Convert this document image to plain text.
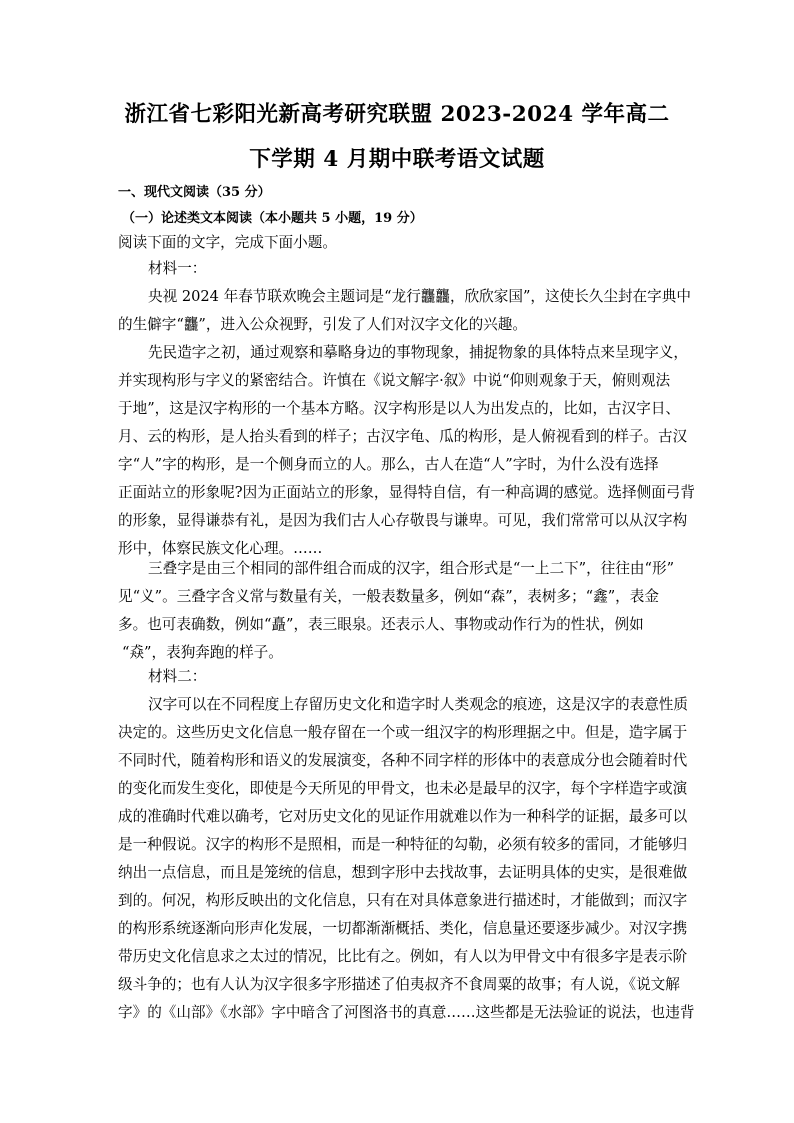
浙江省七彩阳光新高考研究联盟 2023-2024 学年高二
下学期 4 月期中联考语文试题
一、现代文阅读（35 分）
（一）论述类文本阅读（本小题共 5 小题，19 分）
阅读下面的文字，完成下面小题。
材料一：
央视 2024 年春节联欢晚会主题词是“龙行龘龘，欣欣家国”，这使长久尘封在字典中
的生僻字“龘”，进入公众视野，引发了人们对汉字文化的兴趣。
先民造字之初，通过观察和摹略身边的事物现象，捕捉物象的具体特点来呈现字义，
并实现构形与字义的紧密结合。许慎在《说文解字·叙》中说“仰则观象于天，俯则观法
于地”，这是汉字构形的一个基本方略。汉字构形是以人为出发点的，比如，古汉字日、
月、云的构形，是人抬头看到的样子；古汉字龟、瓜的构形，是人俯视看到的样子。古汉
字“人”字的构形，是一个侧身而立的人。那么，古人在造“人”字时，为什么没有选择
正面站立的形象呢?因为正面站立的形象，显得特自信，有一种高调的感觉。选择侧面弓背
的形象，显得谦恭有礼，是因为我们古人心存敬畏与谦卑。可见，我们常常可以从汉字构
形中，体察民族文化心理。……
三叠字是由三个相同的部件组合而成的汉字，组合形式是“一上二下”，往往由“形”
见“义”。三叠字含义常与数量有关，一般表数量多，例如“森”，表树多；“鑫”，表金
多。也可表确数，例如“矗”，表三眼泉。还表示人、事物或动作行为的性状，例如
“猋”，表狗奔跑的样子。
材料二：
汉字可以在不同程度上存留历史文化和造字时人类观念的痕迹，这是汉字的表意性质
决定的。这些历史文化信息一般存留在一个或一组汉字的构形理据之中。但是，造字属于
不同时代，随着构形和语义的发展演变，各种不同字样的形体中的表意成分也会随着时代
的变化而发生变化，即使是今天所见的甲骨文，也未必是最早的汉字，每个字样造字或演
成的准确时代难以确考，它对历史文化的见证作用就难以作为一种科学的证据，最多可以
是一种假说。汉字的构形不是照相，而是一种特征的勾勒，必须有较多的雷同，才能够归
纳出一点信息，而且是笼统的信息，想到字形中去找故事，去证明具体的史实，是很难做
到的。何况，构形反映出的文化信息，只有在对具体意象进行描述时，才能做到；而汉字
的构形系统逐渐向形声化发展，一切都渐渐概括、类化，信息量还要逐步减少。对汉字携
带历史文化信息求之太过的情况，比比有之。例如，有人以为甲骨文中有很多字是表示阶
级斗争的；也有人认为汉字很多字形描述了伯夷叔齐不食周粟的故事；有人说，《说文解
字》的《山部》《水部》字中暗含了河图洛书的真意……这些都是无法验证的说法，也违背
